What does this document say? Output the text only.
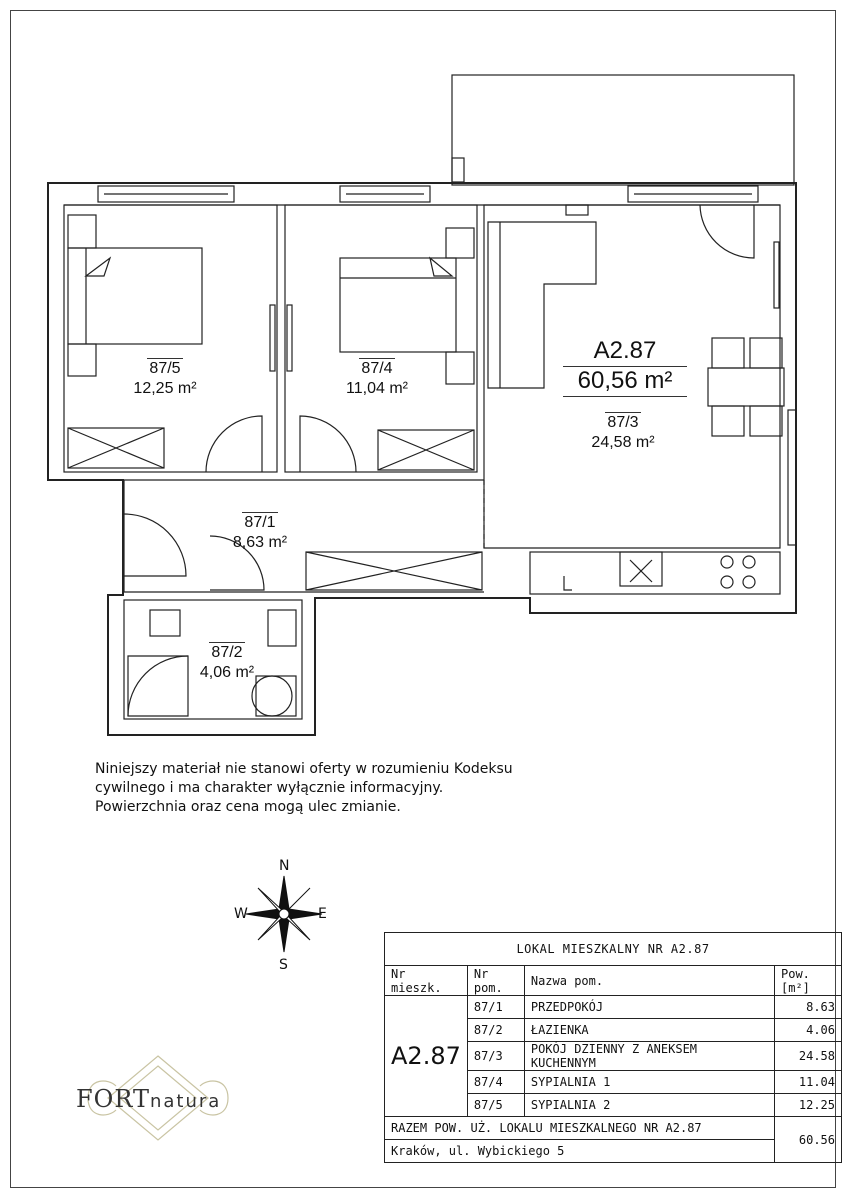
87/5
12,25 m²
87/4
11,04 m²
A2.87
60,56 m²
87/3
24,58 m²
87/1
8,63 m²
87/2
4,06 m²
Niniejszy materiał nie stanowi oferty w rozumieniu Kodeksu cywilnego i ma charakter wyłącznie informacyjny. Powierzchnia oraz cena mogą ulec zmianie.
N
S
E
W
FORTnatura
LOKAL MIESZKALNY NR A2.87			
Nr mieszk.	Nr pom.	Nazwa pom.	Pow. [m²]
A2.87	87/1	PRZEDPOKÓJ	8.63
	87/2	ŁAZIENKA	4.06
	87/3	POKÓJ DZIENNY Z ANEKSEM KUCHENNYM	24.58
	87/4	SYPIALNIA 1	11.04
	87/5	SYPIALNIA 2	12.25
RAZEM POW. UŻ. LOKALU MIESZKALNEGO NR A2.87			60.56
Kraków, ul. Wybickiego 5			
